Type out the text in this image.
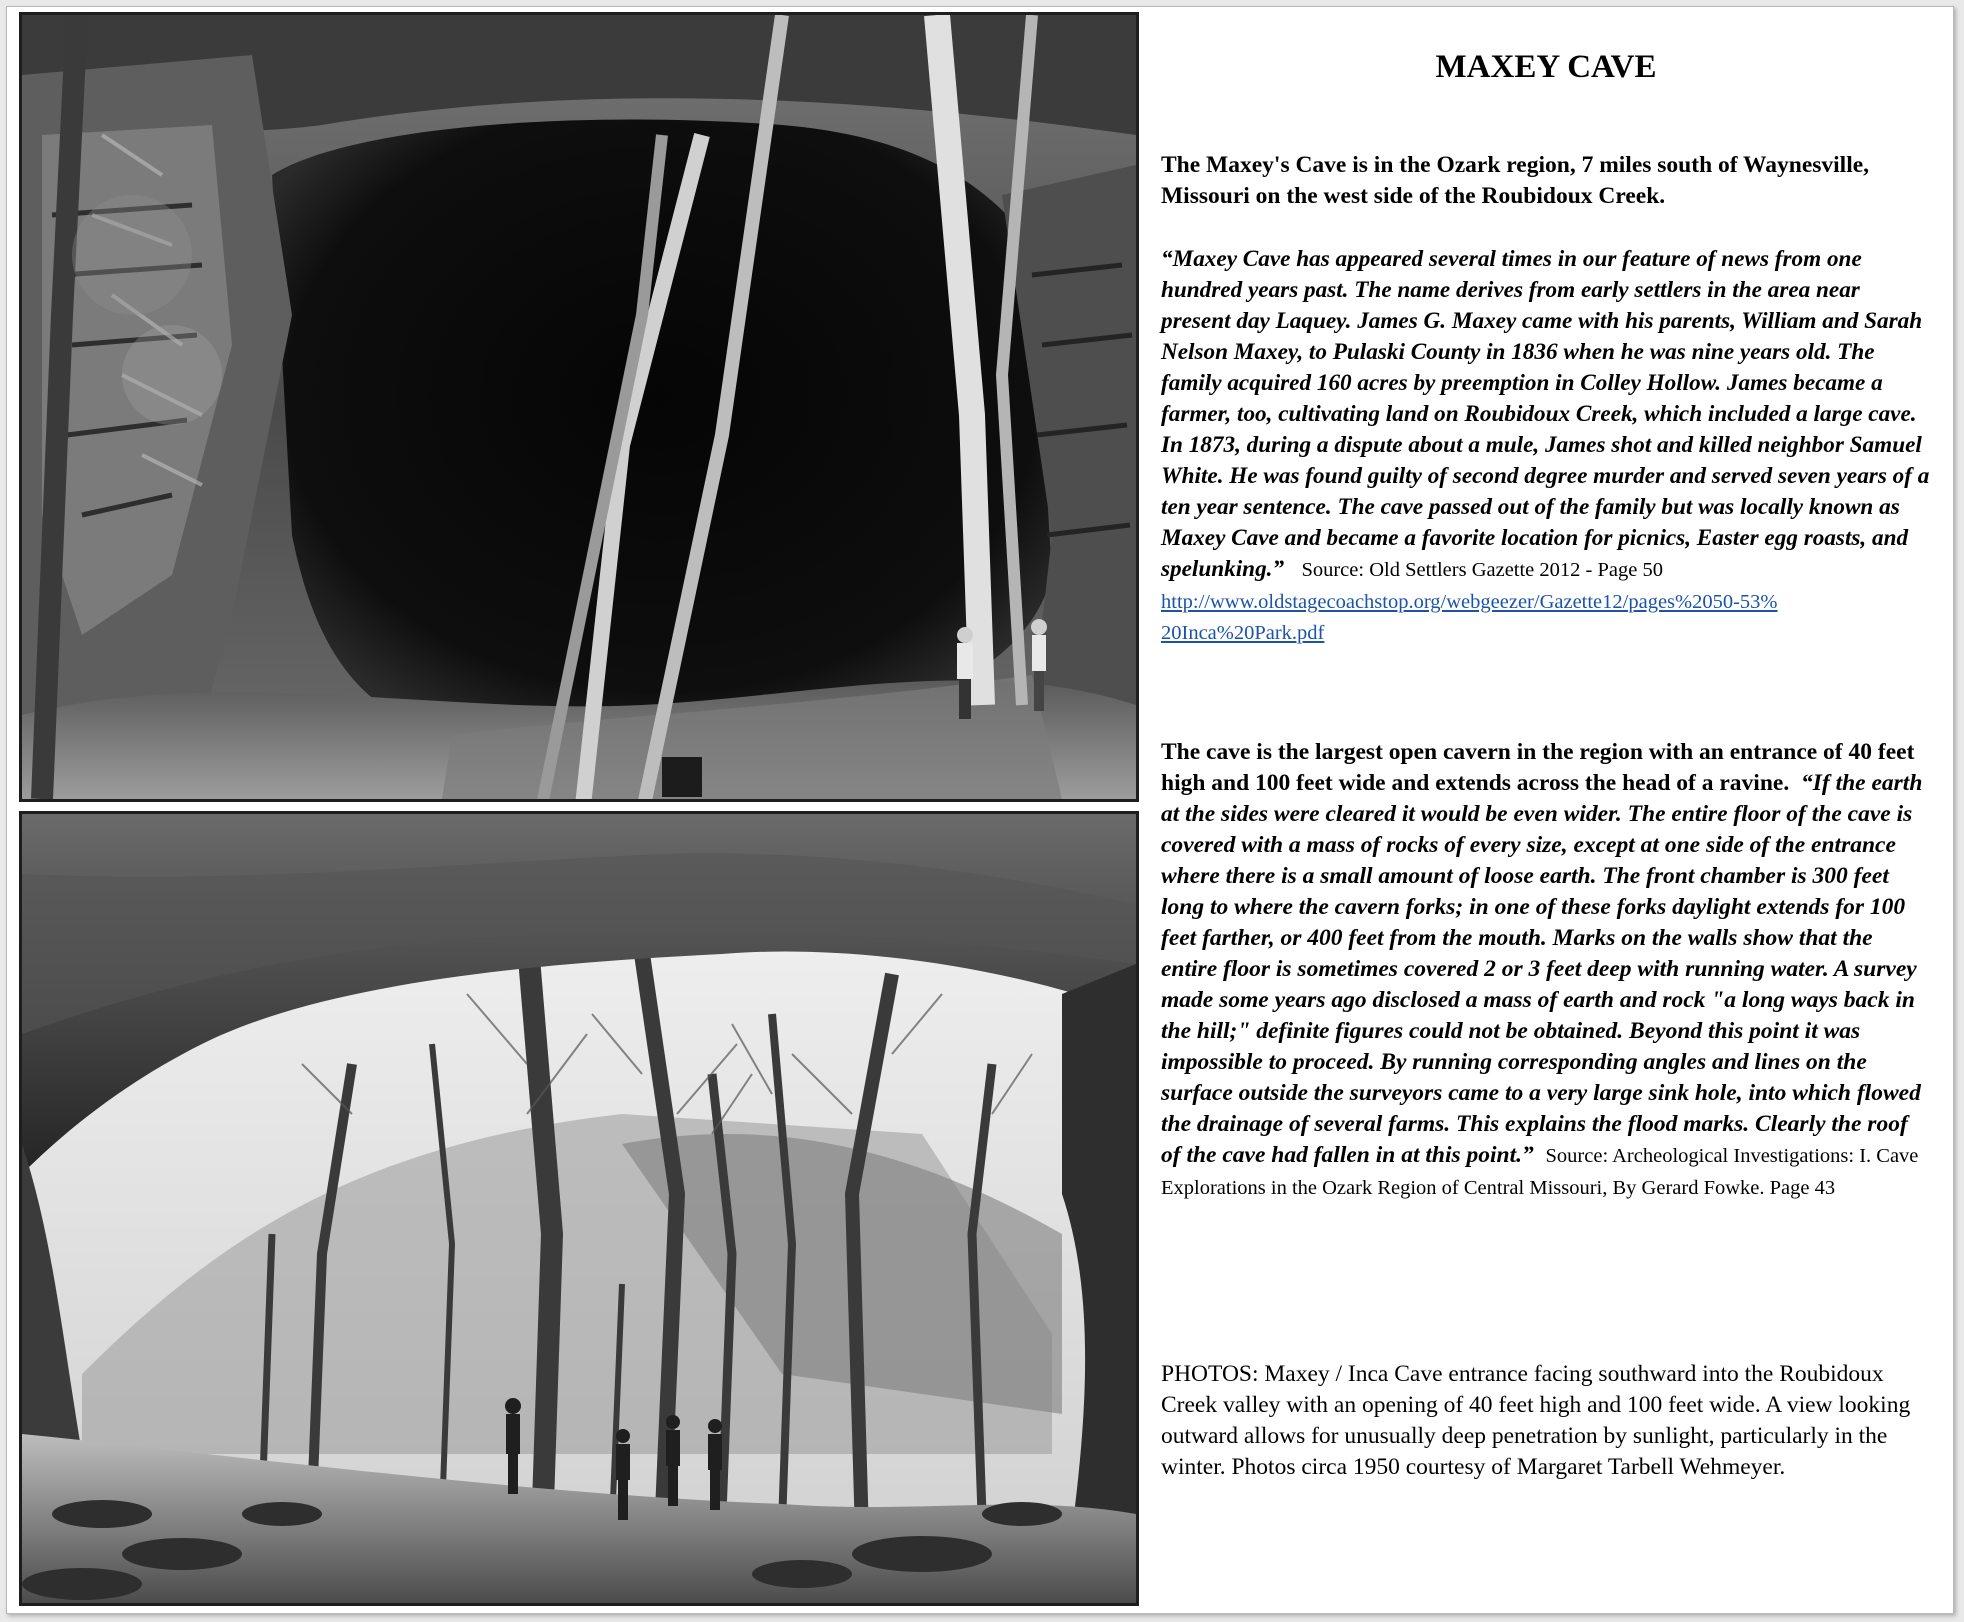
MAXEY CAVE

The Maxey's Cave is in the Ozark region, 7 miles south of Waynesville, Missouri on the west side of the Roubidoux Creek.

“Maxey Cave has appeared several times in our feature of news from one hundred years past. The name derives from early settlers in the area near present day Laquey. James G. Maxey came with his parents, William and Sarah Nelson Maxey, to Pulaski County in 1836 when he was nine years old. The family acquired 160 acres by preemption in Colley Hollow. James became a farmer, too, cultivating land on Roubidoux Creek, which included a large cave. In 1873, during a dispute about a mule, James shot and killed neighbor Samuel White. He was found guilty of second degree murder and served seven years of a ten year sentence. The cave passed out of the family but was locally known as Maxey Cave and became a favorite location for picnics, Easter egg roasts, and spelunking.” Source: Old Settlers Gazette 2012 - Page 50
http://www.oldstagecoachstop.org/webgeezer/Gazette12/pages%2050-53%
20Inca%20Park.pdf

The cave is the largest open cavern in the region with an entrance of 40 feet high and 100 feet wide and extends across the head of a ravine. “If the earth at the sides were cleared it would be even wider. The entire floor of the cave is covered with a mass of rocks of every size, except at one side of the entrance where there is a small amount of loose earth. The front chamber is 300 feet long to where the cavern forks; in one of these forks daylight extends for 100 feet farther, or 400 feet from the mouth. Marks on the walls show that the entire floor is sometimes covered 2 or 3 feet deep with running water. A survey made some years ago disclosed a mass of earth and rock "a long ways back in the hill;" definite figures could not be obtained. Beyond this point it was impossible to proceed. By running corresponding angles and lines on the surface outside the surveyors came to a very large sink hole, into which flowed the drainage of several farms. This explains the flood marks. Clearly the roof of the cave had fallen in at this point.” Source: Archeological Investigations: I. Cave Explorations in the Ozark Region of Central Missouri, By Gerard Fowke. Page 43

PHOTOS: Maxey / Inca Cave entrance facing southward into the Roubidoux Creek valley with an opening of 40 feet high and 100 feet wide. A view looking outward allows for unusually deep penetration by sunlight, particularly in the winter. Photos circa 1950 courtesy of Margaret Tarbell Wehmeyer.
